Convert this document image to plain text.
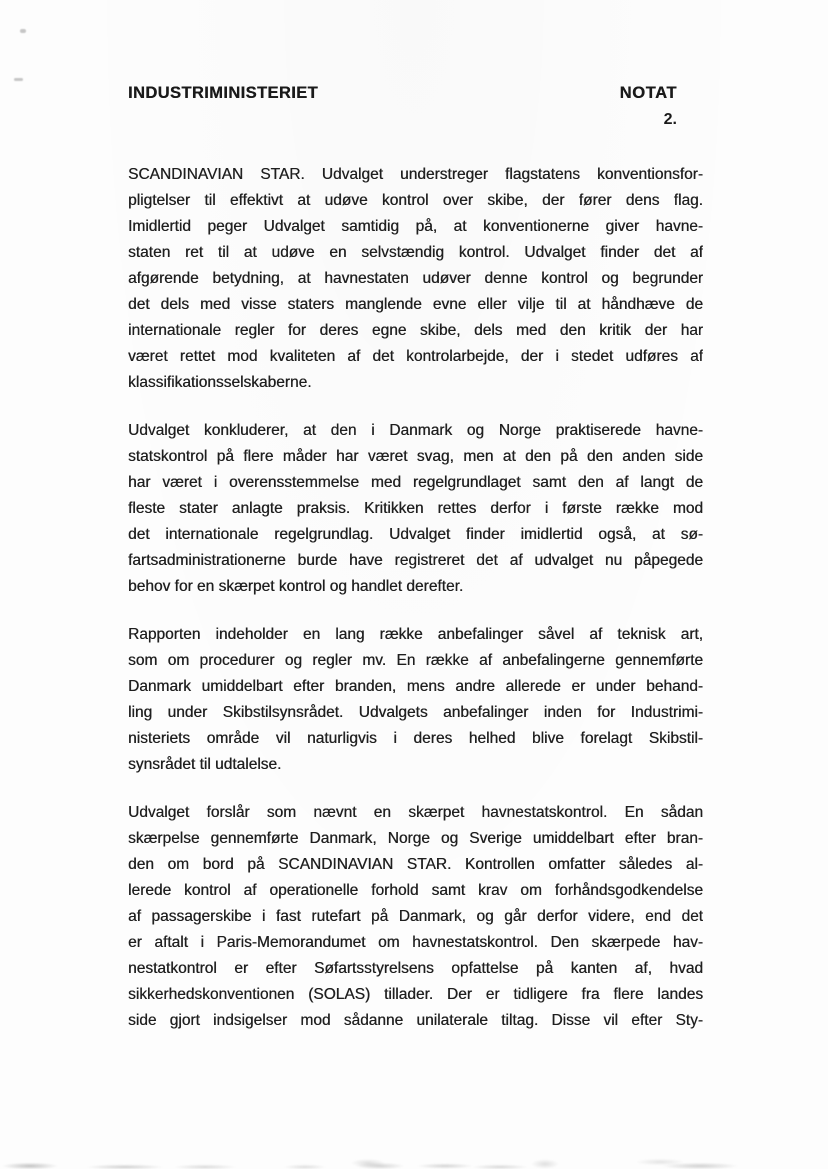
INDUSTRIMINISTERIET	NOTAT
2.
SCANDINAVIAN STAR. Udvalget understreger flagstatens konventionsfor-
pligtelser til effektivt at udøve kontrol over skibe, der fører dens flag.
Imidlertid peger Udvalget samtidig på, at konventionerne giver havne-
staten ret til at udøve en selvstændig kontrol. Udvalget finder det af
afgørende betydning, at havnestaten udøver denne kontrol og begrunder
det dels med visse staters manglende evne eller vilje til at håndhæve de
internationale regler for deres egne skibe, dels med den kritik der har
været rettet mod kvaliteten af det kontrolarbejde, der i stedet udføres af
klassifikationsselskaberne.
Udvalget konkluderer, at den i Danmark og Norge praktiserede havne-
statskontrol på flere måder har været svag, men at den på den anden side
har været i overensstemmelse med regelgrundlaget samt den af langt de
fleste stater anlagte praksis. Kritikken rettes derfor i første række mod
det internationale regelgrundlag. Udvalget finder imidlertid også, at sø-
fartsadministrationerne burde have registreret det af udvalget nu påpegede
behov for en skærpet kontrol og handlet derefter.
Rapporten indeholder en lang række anbefalinger såvel af teknisk art,
som om procedurer og regler mv. En række af anbefalingerne gennemførte
Danmark umiddelbart efter branden, mens andre allerede er under behand-
ling under Skibstilsynsrådet. Udvalgets anbefalinger inden for Industrimi-
nisteriets område vil naturligvis i deres helhed blive forelagt Skibstil-
synsrådet til udtalelse.
Udvalget forslår som nævnt en skærpet havnestatskontrol. En sådan
skærpelse gennemførte Danmark, Norge og Sverige umiddelbart efter bran-
den om bord på SCANDINAVIAN STAR. Kontrollen omfatter således al-
lerede kontrol af operationelle forhold samt krav om forhåndsgodkendelse
af passagerskibe i fast rutefart på Danmark, og går derfor videre, end det
er aftalt i Paris-Memorandumet om havnestatskontrol. Den skærpede hav-
nestatkontrol er efter Søfartsstyrelsens opfattelse på kanten af, hvad
sikkerhedskonventionen (SOLAS) tillader. Der er tidligere fra flere landes
side gjort indsigelser mod sådanne unilaterale tiltag. Disse vil efter Sty-
